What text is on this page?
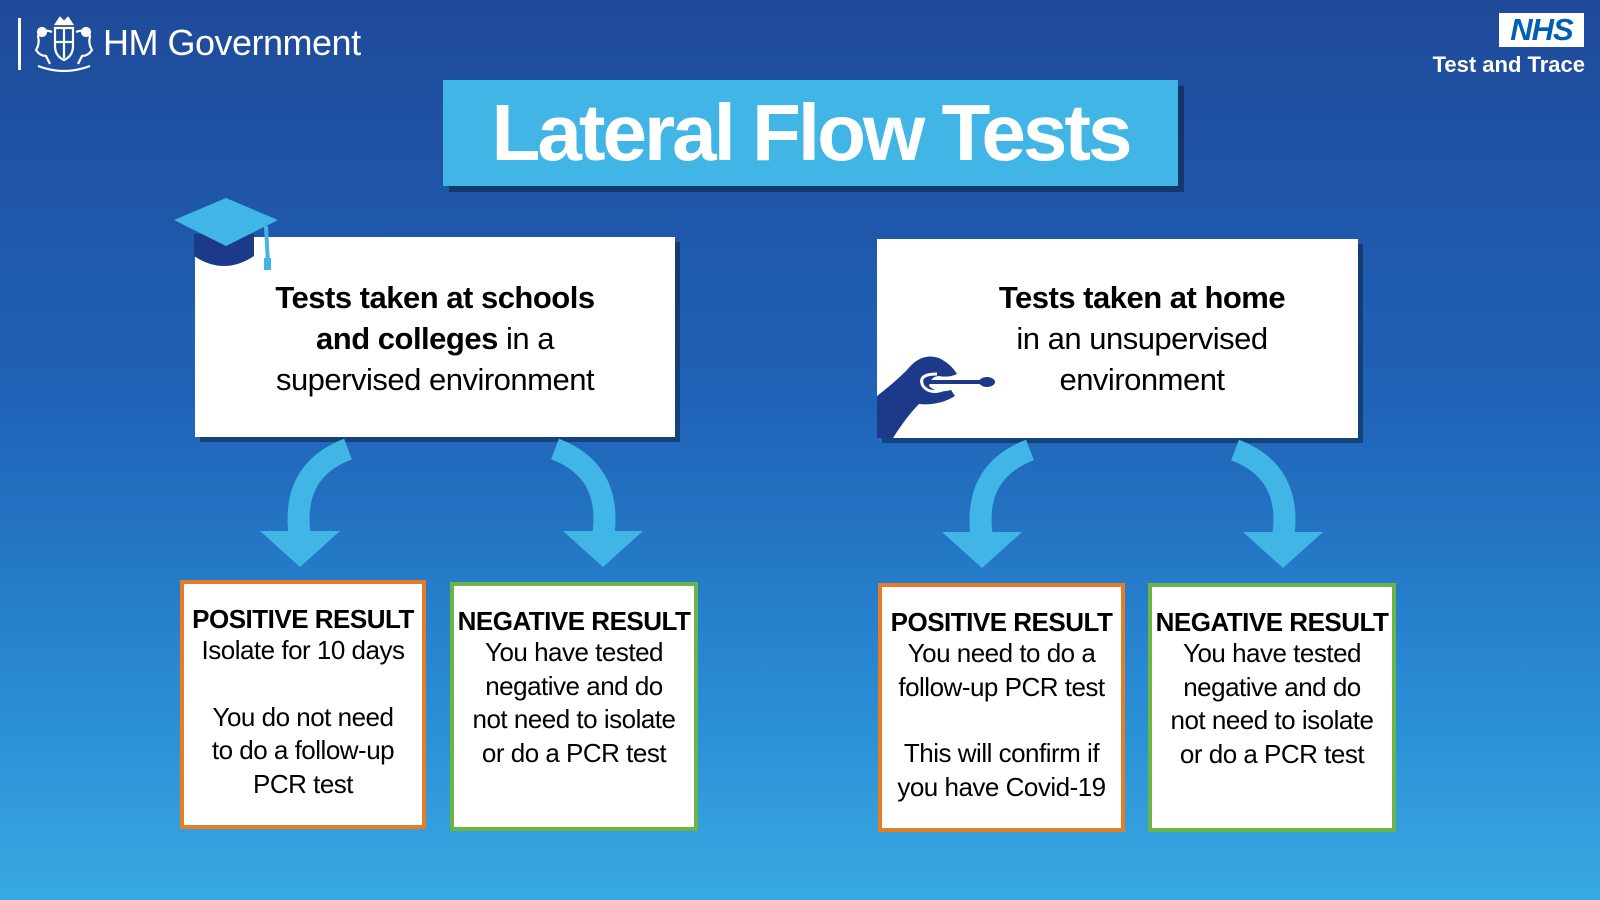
HM Government	NHS
Test and Trace
Lateral Flow Tests

Tests taken at schools
and colleges in a
supervised environment

Tests taken at home
in an unsupervised
environment

POSITIVE RESULT
Isolate for 10 days
You do not need
to do a follow-up
PCR test
NEGATIVE RESULT
You have tested
negative and do
not need to isolate
or do a PCR test
POSITIVE RESULT
You need to do a
follow-up PCR test
This will confirm if
you have Covid-19
NEGATIVE RESULT
You have tested
negative and do
not need to isolate
or do a PCR test
